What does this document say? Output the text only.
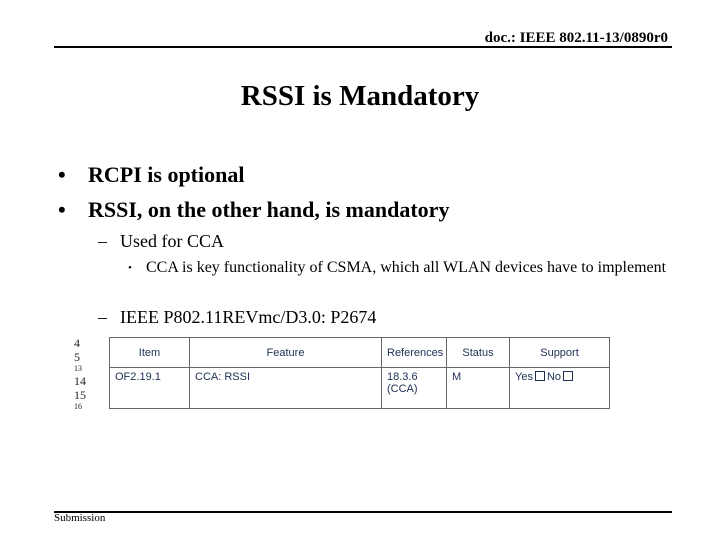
doc.: IEEE 802.11-13/0890r0
RSSI is Mandatory
• RCPI is optional
• RSSI, on the other hand, is mandatory
– Used for CCA
• CCA is key functionality of CSMA, which all WLAN devices have to implement
– IEEE P802.11REVmc/D3.0: P2674
4
5
13
14
15
16
Item	Feature	References	Status	Support
OF2.19.1	CCA: RSSI	18.3.6 (CCA)	M	Yes No
Submission
